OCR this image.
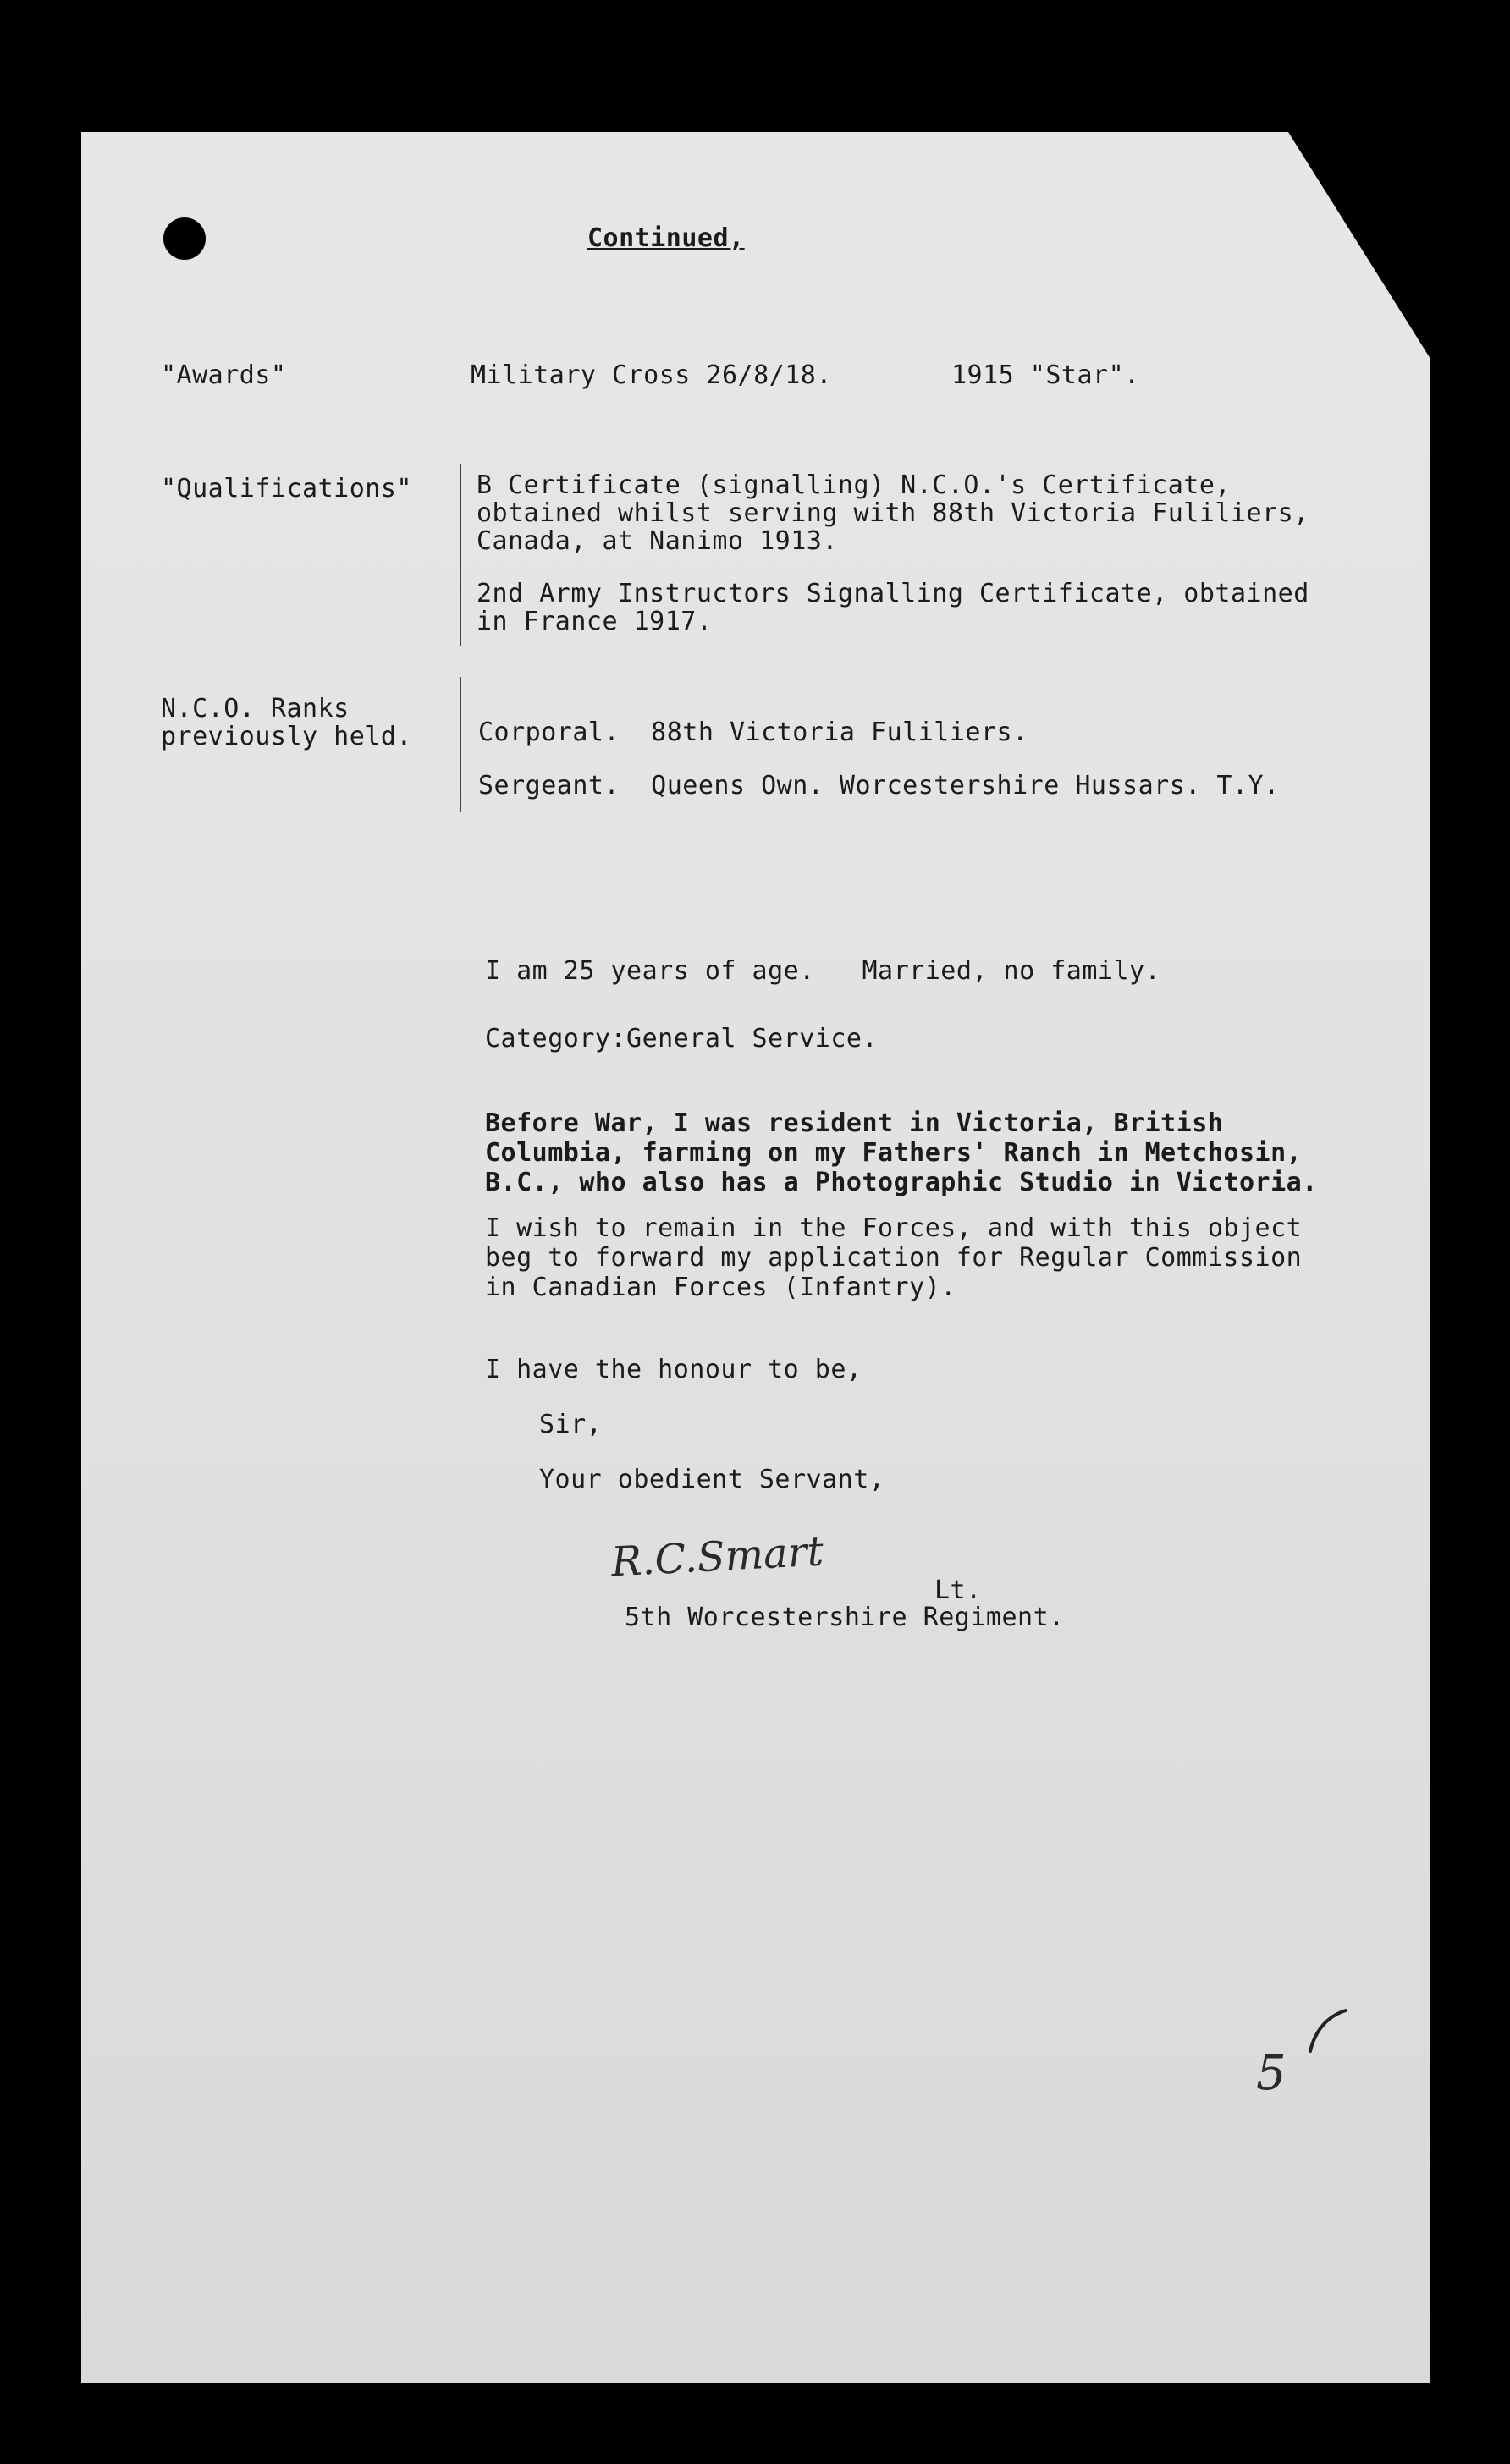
Continued,
"Awards"	Military Cross 26/8/18.	1915 "Star".
"Qualifications"	B Certificate (signalling) N.C.O.'s Certificate,
obtained whilst serving with 88th Victoria Fuliliers,
Canada, at Nanimo 1913.
2nd Army Instructors Signalling Certificate, obtained
in France 1917.
N.C.O. Ranks
previously held.	Corporal.  88th Victoria Fuliliers.
Sergeant.  Queens Own. Worcestershire Hussars. T.Y.
I am 25 years of age.   Married, no family.
Category:General Service.
Before War, I was resident in Victoria, British
Columbia, farming on my Fathers' Ranch in Metchosin,
B.C., who also has a Photographic Studio in Victoria.
I wish to remain in the Forces, and with this object
beg to forward my application for Regular Commission
in Canadian Forces (Infantry).
I have the honour to be,
Sir,
Your obedient Servant,
R.C.Smart
Lt.
5th Worcestershire Regiment.
5
